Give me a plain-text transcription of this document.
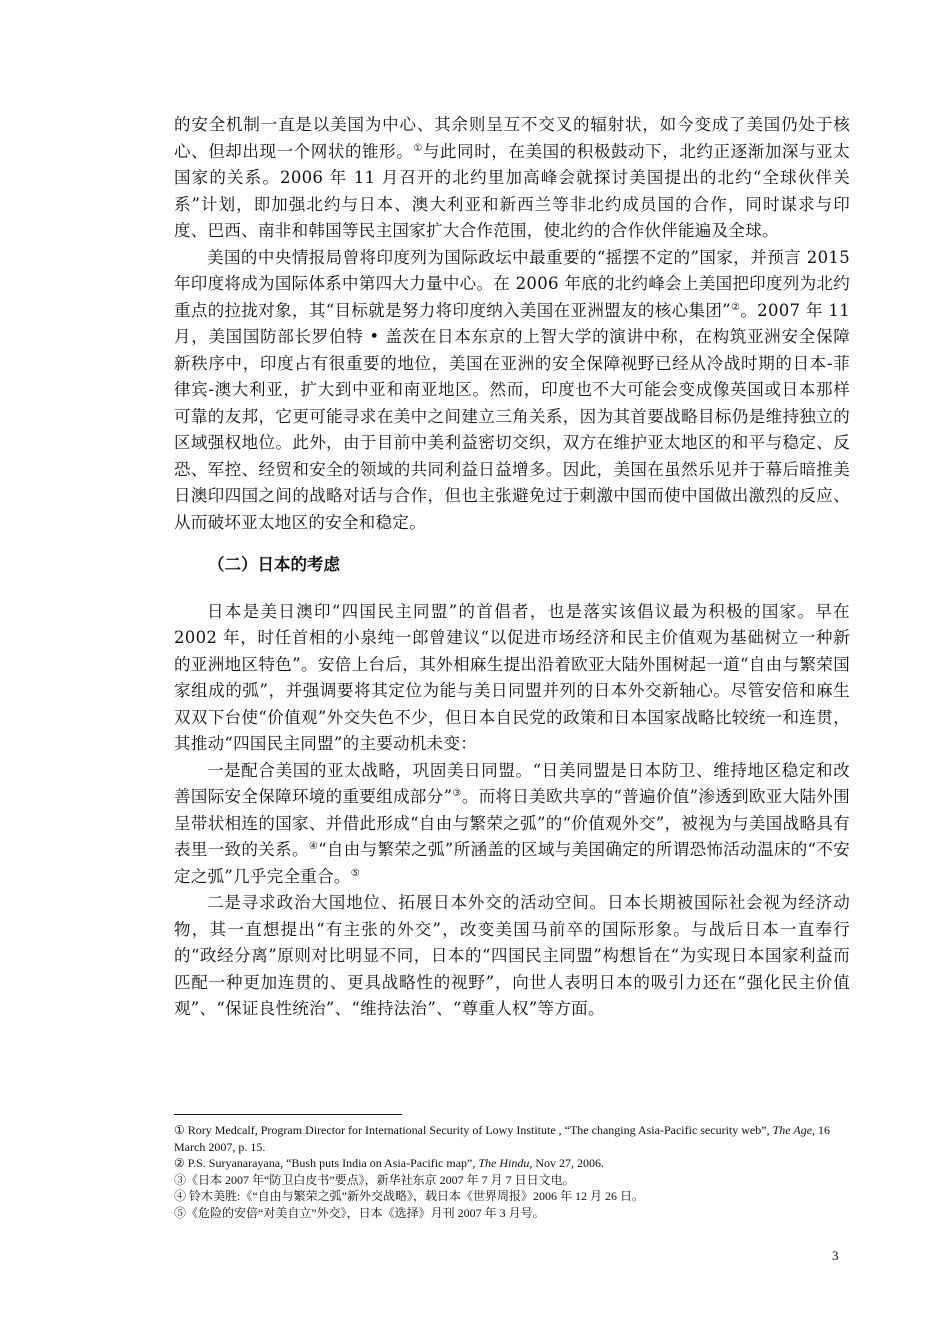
的安全机制一直是以美国为中心、其余则呈互不交叉的辐射状，如今变成了美国仍处于核心、但却出现一个网状的锥形。①与此同时，在美国的积极鼓动下，北约正逐渐加深与亚太国家的关系。2006 年 11 月召开的北约里加高峰会就探讨美国提出的北约“全球伙伴关系”计划，即加强北约与日本、澳大利亚和新西兰等非北约成员国的合作，同时谋求与印度、巴西、南非和韩国等民主国家扩大合作范围，使北约的合作伙伴能遍及全球。

美国的中央情报局曾将印度列为国际政坛中最重要的“摇摆不定的”国家，并预言 2015 年印度将成为国际体系中第四大力量中心。在 2006 年底的北约峰会上美国把印度列为北约重点的拉拢对象，其“目标就是努力将印度纳入美国在亚洲盟友的核心集团”②。2007 年 11 月，美国国防部长罗伯特 • 盖茨在日本东京的上智大学的演讲中称，在构筑亚洲安全保障新秩序中，印度占有很重要的地位，美国在亚洲的安全保障视野已经从冷战时期的日本-菲律宾-澳大利亚，扩大到中亚和南亚地区。然而，印度也不大可能会变成像英国或日本那样可靠的友邦，它更可能寻求在美中之间建立三角关系，因为其首要战略目标仍是维持独立的区域强权地位。此外，由于目前中美利益密切交织，双方在维护亚太地区的和平与稳定、反恐、军控、经贸和安全的领域的共同利益日益增多。因此，美国在虽然乐见并于幕后暗推美日澳印四国之间的战略对话与合作，但也主张避免过于刺激中国而使中国做出激烈的反应、从而破坏亚太地区的安全和稳定。

（二）日本的考虑

日本是美日澳印“四国民主同盟”的首倡者，也是落实该倡议最为积极的国家。早在 2002 年，时任首相的小泉纯一郎曾建议“以促进市场经济和民主价值观为基础树立一种新的亚洲地区特色”。安倍上台后，其外相麻生提出沿着欧亚大陆外围树起一道“自由与繁荣国家组成的弧”，并强调要将其定位为能与美日同盟并列的日本外交新轴心。尽管安倍和麻生双双下台使“价值观”外交失色不少，但日本自民党的政策和日本国家战略比较统一和连贯，其推动“四国民主同盟”的主要动机未变：

一是配合美国的亚太战略，巩固美日同盟。“日美同盟是日本防卫、维持地区稳定和改善国际安全保障环境的重要组成部分”③。而将日美欧共享的“普遍价值”渗透到欧亚大陆外围呈带状相连的国家、并借此形成“自由与繁荣之弧”的“价值观外交”，被视为与美国战略具有表里一致的关系。④“自由与繁荣之弧”所涵盖的区域与美国确定的所谓恐怖活动温床的“不安定之弧”几乎完全重合。⑤

二是寻求政治大国地位、拓展日本外交的活动空间。日本长期被国际社会视为经济动物，其一直想提出“有主张的外交”，改变美国马前卒的国际形象。与战后日本一直奉行的“政经分离”原则对比明显不同，日本的“四国民主同盟”构想旨在“为实现日本国家利益而匹配一种更加连贯的、更具战略性的视野”，向世人表明日本的吸引力还在“强化民主价值观”、“保证良性统治”、“维持法治”、“尊重人权”等方面。

① Rory Medcalf, Program Director for International Security of Lowy Institute , “The changing Asia-Pacific security web”, The Age, 16 March 2007, p. 15.

② P.S. Suryanarayana, “Bush puts India on Asia-Pacific map”, The Hindu, Nov 27, 2006.

③《日本 2007 年“防卫白皮书”要点》，新华社东京 2007 年 7 月 7 日日文电。

④ 铃木美胜:《“自由与繁荣之弧”新外交战略》，载日本《世界周报》2006 年 12 月 26 日。

⑤《危险的安倍“对美自立”外交》，日本《选择》月刊 2007 年 3 月号。

3
